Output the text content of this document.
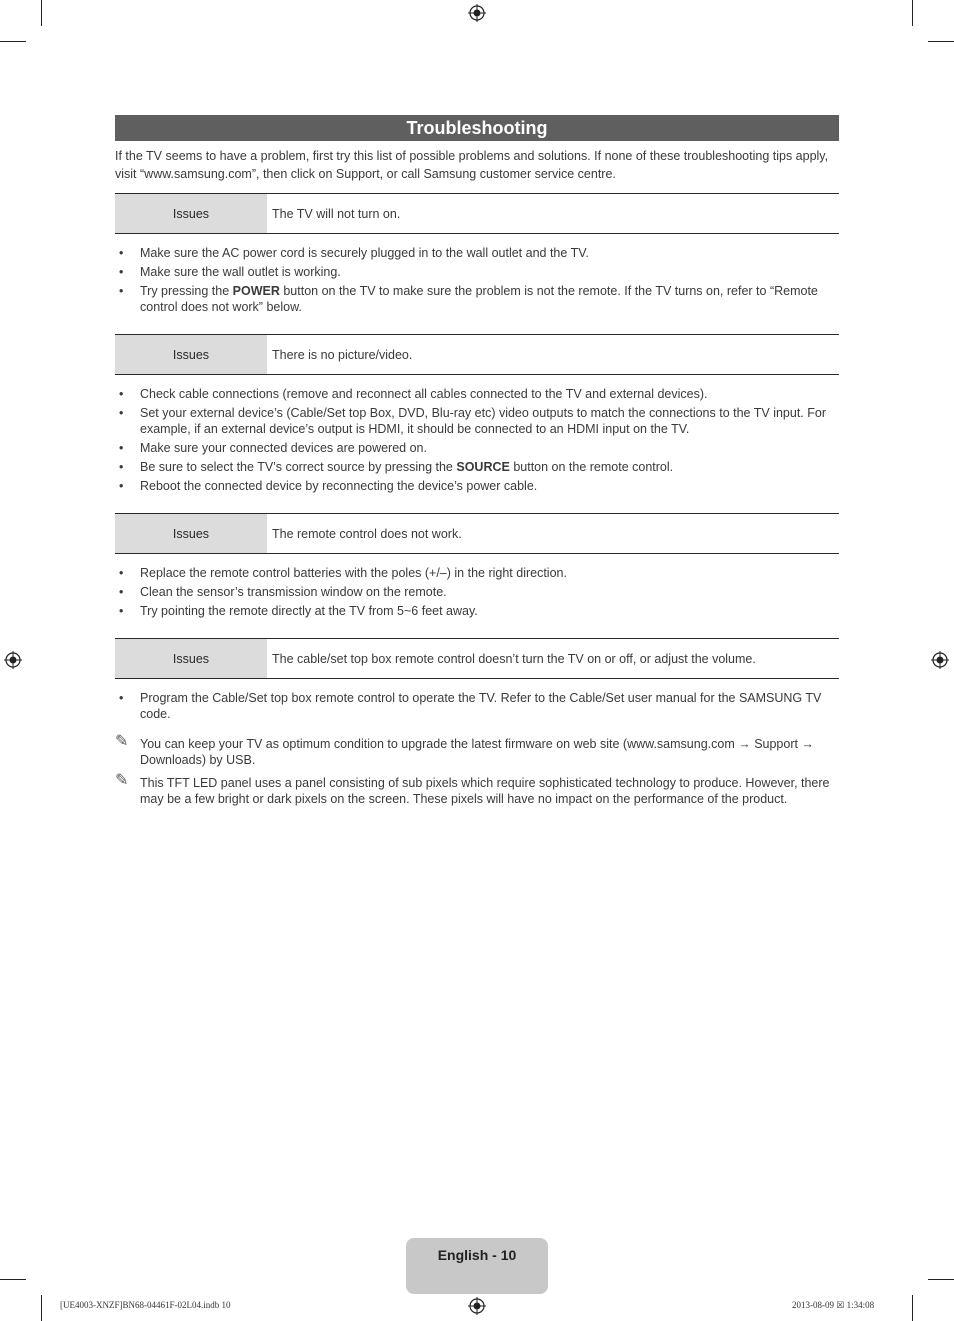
Troubleshooting
If the TV seems to have a problem, first try this list of possible problems and solutions. If none of these troubleshooting tips apply, visit “www.samsung.com”, then click on Support, or call Samsung customer service centre.
Issues	The TV will not turn on.
• Make sure the AC power cord is securely plugged in to the wall outlet and the TV.
• Make sure the wall outlet is working.
• Try pressing the POWER button on the TV to make sure the problem is not the remote. If the TV turns on, refer to “Remote control does not work” below.
Issues	There is no picture/video.
• Check cable connections (remove and reconnect all cables connected to the TV and external devices).
• Set your external device’s (Cable/Set top Box, DVD, Blu-ray etc) video outputs to match the connections to the TV input. For example, if an external device’s output is HDMI, it should be connected to an HDMI input on the TV.
• Make sure your connected devices are powered on.
• Be sure to select the TV’s correct source by pressing the SOURCE button on the remote control.
• Reboot the connected device by reconnecting the device’s power cable.
Issues	The remote control does not work.
• Replace the remote control batteries with the poles (+/–) in the right direction.
• Clean the sensor’s transmission window on the remote.
• Try pointing the remote directly at the TV from 5~6 feet away.
Issues	The cable/set top box remote control doesn’t turn the TV on or off, or adjust the volume.
• Program the Cable/Set top box remote control to operate the TV. Refer to the Cable/Set user manual for the SAMSUNG TV code.
✎ You can keep your TV as optimum condition to upgrade the latest firmware on web site (www.samsung.com → Support → Downloads) by USB.
✎ This TFT LED panel uses a panel consisting of sub pixels which require sophisticated technology to produce. However, there may be a few bright or dark pixels on the screen. These pixels will have no impact on the performance of the product.
English - 10
[UE4003-XNZF]BN68-04461F-02L04.indb 10	2013-08-09 ☒ 1:34:08
